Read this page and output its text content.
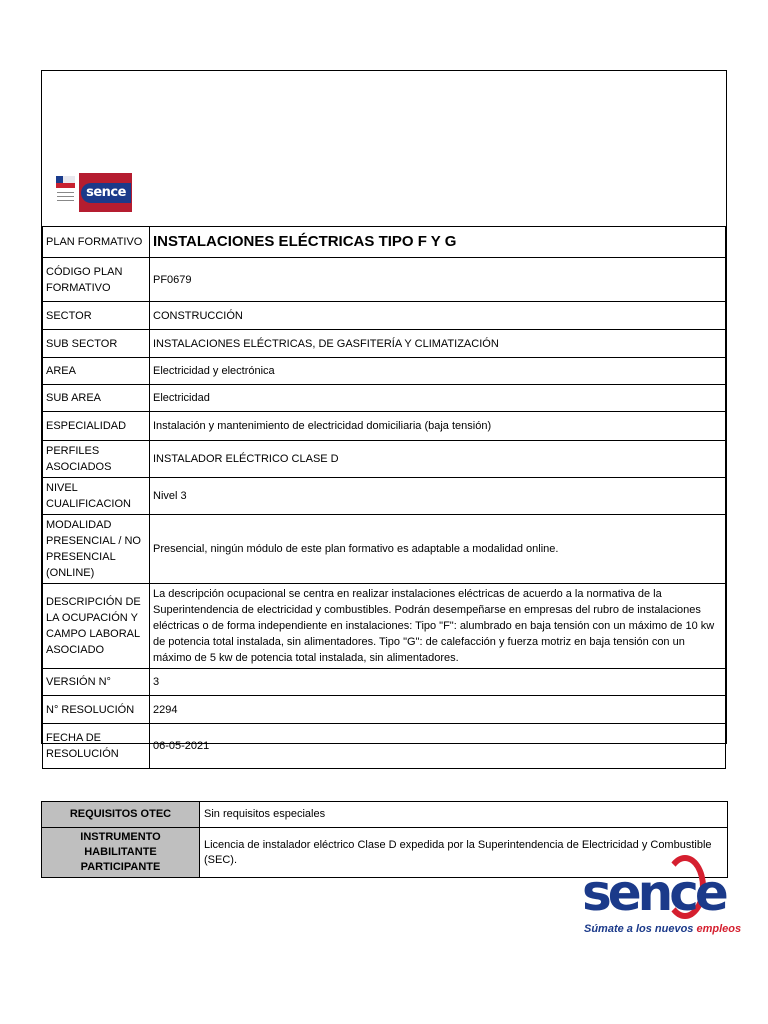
sence
PLAN FORMATIVO	INSTALACIONES ELÉCTRICAS TIPO F Y G
CÓDIGO PLAN FORMATIVO	PF0679
SECTOR	CONSTRUCCIÓN
SUB SECTOR	INSTALACIONES ELÉCTRICAS, DE GASFITERÍA Y CLIMATIZACIÓN
AREA	Electricidad y electrónica
SUB AREA	Electricidad
ESPECIALIDAD	Instalación y mantenimiento de electricidad domiciliaria (baja tensión)
PERFILES ASOCIADOS	INSTALADOR ELÉCTRICO CLASE D
NIVEL CUALIFICACION	Nivel 3
MODALIDAD PRESENCIAL / NO PRESENCIAL (ONLINE)	Presencial, ningún módulo de este plan formativo es adaptable a modalidad online.
DESCRIPCIÓN DE LA OCUPACIÓN Y CAMPO LABORAL ASOCIADO	La descripción ocupacional se centra en realizar instalaciones eléctricas de acuerdo a la normativa de la Superintendencia de electricidad y combustibles. Podrán desempeñarse en empresas del rubro de instalaciones eléctricas o de forma independiente en instalaciones: Tipo "F": alumbrado en baja tensión con un máximo de 10 kw de potencia total instalada, sin alimentadores. Tipo "G": de calefacción y fuerza motriz en baja tensión con un máximo de 5 kw de potencia total instalada, sin alimentadores.
VERSIÓN N°	3
N° RESOLUCIÓN	2294
FECHA DE RESOLUCIÓN	06-05-2021
REQUISITOS OTEC	Sin requisitos especiales
INSTRUMENTO HABILITANTE PARTICIPANTE	Licencia de instalador eléctrico Clase D expedida por la Superintendencia de Electricidad y Combustible (SEC).
sence
Súmate a los nuevos empleos
